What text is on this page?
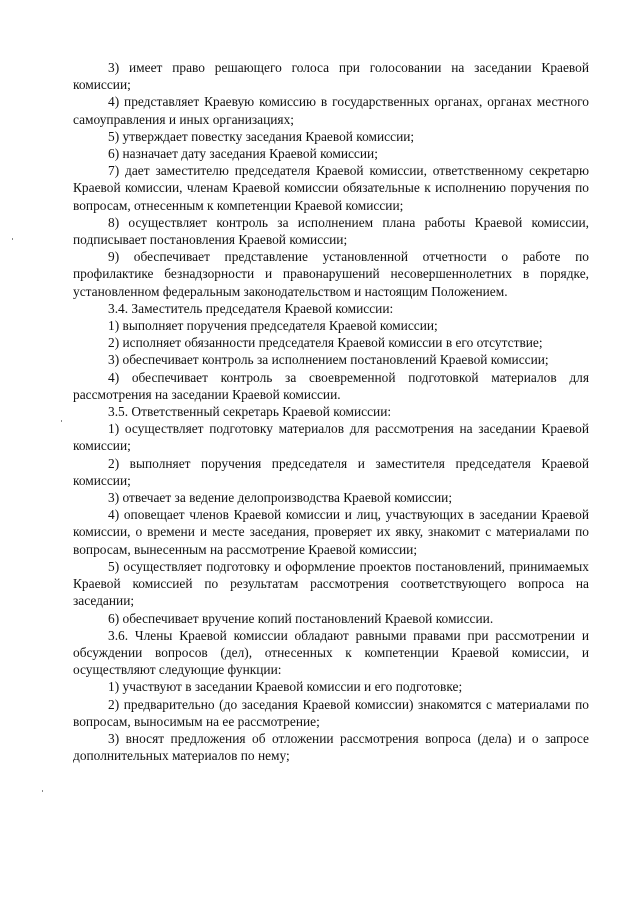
3) имеет право решающего голоса при голосовании на заседании Краевой комиссии;

4) представляет Краевую комиссию в государственных органах, органах местного самоуправления и иных организациях;

5) утверждает повестку заседания Краевой комиссии;

6) назначает дату заседания Краевой комиссии;

7) дает заместителю председателя Краевой комиссии, ответственному секретарю Краевой комиссии, членам Краевой комиссии обязательные к исполнению поручения по вопросам, отнесенным к компетенции Краевой комиссии;

8) осуществляет контроль за исполнением плана работы Краевой комиссии, подписывает постановления Краевой комиссии;

9) обеспечивает представление установленной отчетности о работе по профилактике безнадзорности и правонарушений несовершеннолетних в порядке, установленном федеральным законодательством и настоящим Положением.

3.4. Заместитель председателя Краевой комиссии:

1) выполняет поручения председателя Краевой комиссии;

2) исполняет обязанности председателя Краевой комиссии в его отсутствие;

3) обеспечивает контроль за исполнением постановлений Краевой комиссии;

4) обеспечивает контроль за своевременной подготовкой материалов для рассмотрения на заседании Краевой комиссии.

3.5. Ответственный секретарь Краевой комиссии:

1) осуществляет подготовку материалов для рассмотрения на заседании Краевой комиссии;

2) выполняет поручения председателя и заместителя председателя Краевой комиссии;

3) отвечает за ведение делопроизводства Краевой комиссии;

4) оповещает членов Краевой комиссии и лиц, участвующих в заседании Краевой комиссии, о времени и месте заседания, проверяет их явку, знакомит с материалами по вопросам, вынесенным на рассмотрение Краевой комиссии;

5) осуществляет подготовку и оформление проектов постановлений, принимаемых Краевой комиссией по результатам рассмотрения соответствующего вопроса на заседании;

6) обеспечивает вручение копий постановлений Краевой комиссии.

3.6. Члены Краевой комиссии обладают равными правами при рассмотрении и обсуждении вопросов (дел), отнесенных к компетенции Краевой комиссии, и осуществляют следующие функции:

1) участвуют в заседании Краевой комиссии и его подготовке;

2) предварительно (до заседания Краевой комиссии) знакомятся с материалами по вопросам, выносимым на ее рассмотрение;

3) вносят предложения об отложении рассмотрения вопроса (дела) и о запросе дополнительных материалов по нему;
